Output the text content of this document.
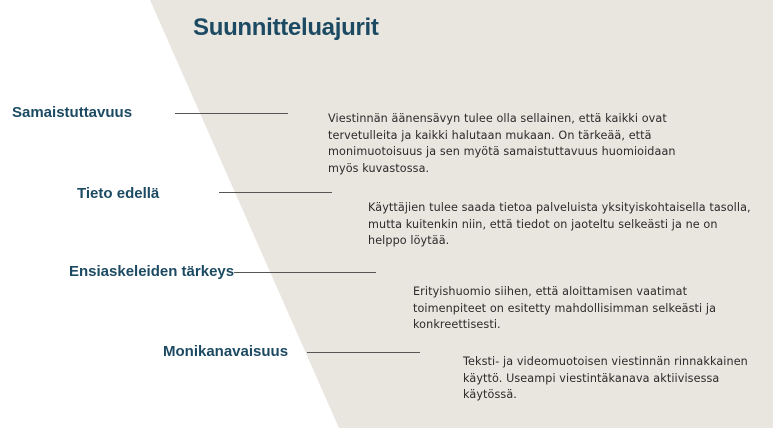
Suunnitteluajurit
Samaistuttavuus	Viestinnän äänensävyn tulee olla sellainen, että kaikki ovat tervetulleita ja kaikki halutaan mukaan. On tärkeää, että monimuotoisuus ja sen myötä samaistuttavuus huomioidaan myös kuvastossa.

Tieto edellä

Käyttäjien tulee saada tietoa palveluista yksityiskohtaisella tasolla, mutta kuitenkin niin, että tiedot on jaoteltu selkeästi ja ne on helppo löytää.

Ensiaskeleiden tärkeys

Erityishuomio siihen, että aloittamisen vaatimat toimenpiteet on esitetty mahdollisimman selkeästi ja konkreettisesti.

Monikanavaisuus

Teksti- ja videomuotoisen viestinnän rinnakkainen käyttö. Useampi viestintäkanava aktiivisessa käytössä.
